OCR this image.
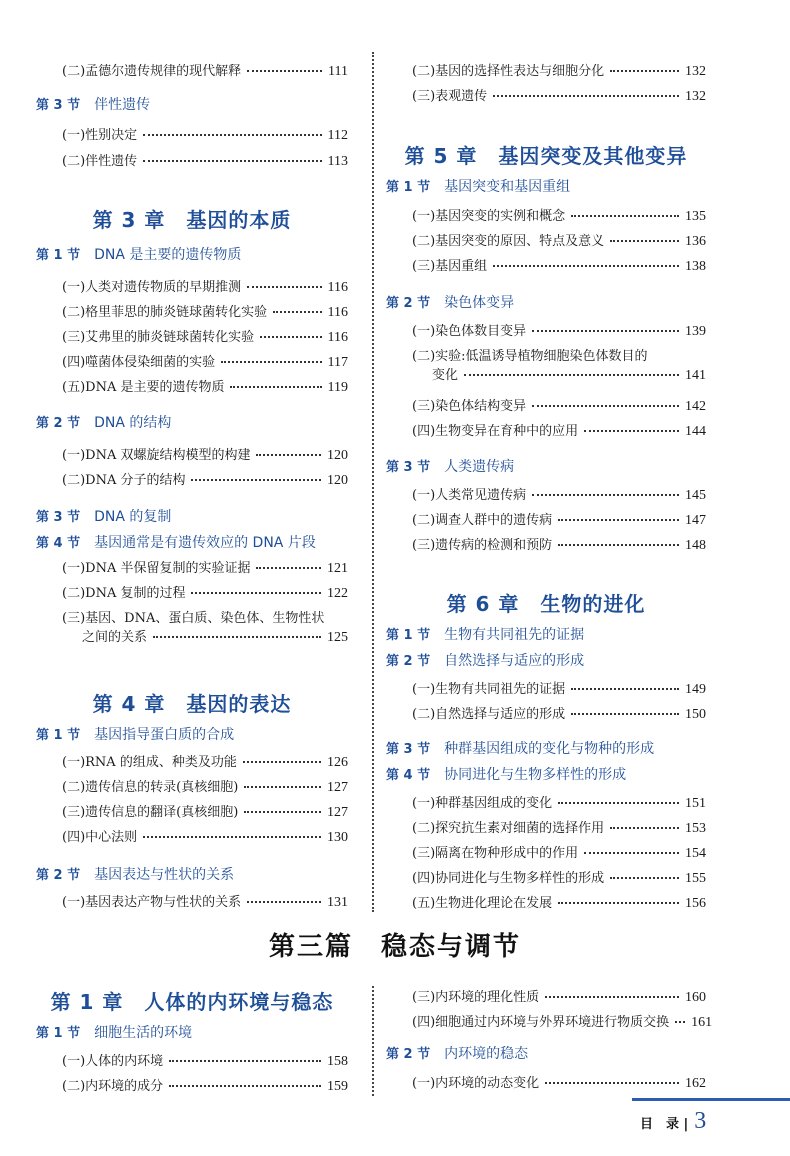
(二)孟德尔遗传规律的现代解释	111
第 3 节 伴性遗传
(一)性别决定	112
(二)伴性遗传	113
第 3 章　基因的本质
第 1 节 DNA 是主要的遗传物质
(一)人类对遗传物质的早期推测	116
(二)格里菲思的肺炎链球菌转化实验	116
(三)艾弗里的肺炎链球菌转化实验	116
(四)噬菌体侵染细菌的实验	117
(五)DNA 是主要的遗传物质	119
第 2 节 DNA 的结构
(一)DNA 双螺旋结构模型的构建	120
(二)DNA 分子的结构	120
第 3 节 DNA 的复制
第 4 节 基因通常是有遗传效应的 DNA 片段
(一)DNA 半保留复制的实验证据	121
(二)DNA 复制的过程	122
(三)基因、DNA、蛋白质、染色体、生物性状
之间的关系	125
第 4 章　基因的表达
第 1 节 基因指导蛋白质的合成
(一)RNA 的组成、种类及功能	126
(二)遗传信息的转录(真核细胞)	127
(三)遗传信息的翻译(真核细胞)	127
(四)中心法则	130
第 2 节 基因表达与性状的关系
(一)基因表达产物与性状的关系	131
(二)基因的选择性表达与细胞分化	132
(三)表观遗传	132
第 5 章　基因突变及其他变异
第 1 节 基因突变和基因重组
(一)基因突变的实例和概念	135
(二)基因突变的原因、特点及意义	136
(三)基因重组	138
第 2 节 染色体变异
(一)染色体数目变异	139
(二)实验:低温诱导植物细胞染色体数目的
变化	141
(三)染色体结构变异	142
(四)生物变异在育种中的应用	144
第 3 节 人类遗传病
(一)人类常见遗传病	145
(二)调查人群中的遗传病	147
(三)遗传病的检测和预防	148
第 6 章　生物的进化
第 1 节 生物有共同祖先的证据
第 2 节 自然选择与适应的形成
(一)生物有共同祖先的证据	149
(二)自然选择与适应的形成	150
第 3 节 种群基因组成的变化与物种的形成
第 4 节 协同进化与生物多样性的形成
(一)种群基因组成的变化	151
(二)探究抗生素对细菌的选择作用	153
(三)隔离在物种形成中的作用	154
(四)协同进化与生物多样性的形成	155
(五)生物进化理论在发展	156
第三篇　稳态与调节
第 1 章　人体的内环境与稳态
第 1 节 细胞生活的环境
(一)人体的内环境	158
(二)内环境的成分	159
(三)内环境的理化性质	160
(四)细胞通过内环境与外界环境进行物质交换 161
第 2 节 内环境的稳态
(一)内环境的动态变化	162
目　录 | 3
